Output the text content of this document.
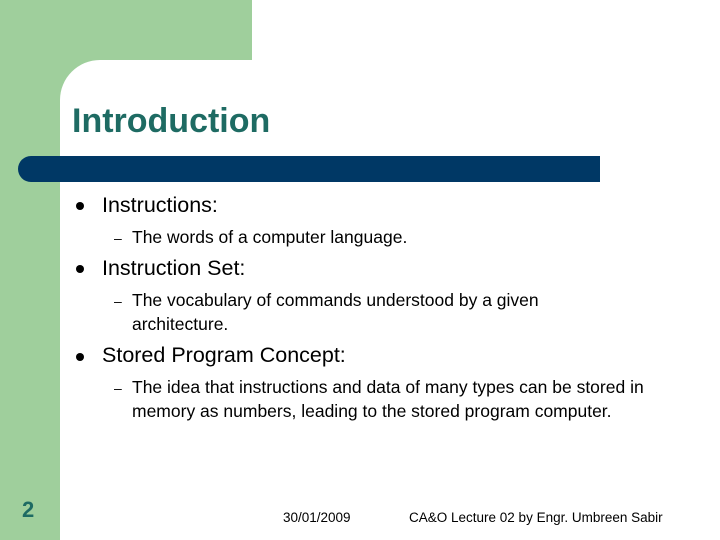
Introduction
Instructions:
– The words of a computer language.
Instruction Set:
– The vocabulary of commands understood by a given architecture.
Stored Program Concept:
– The idea that instructions and data of many types can be stored in memory as numbers, leading to the stored program computer.
2	30/01/2009	CA&O Lecture 02 by Engr. Umbreen Sabir
